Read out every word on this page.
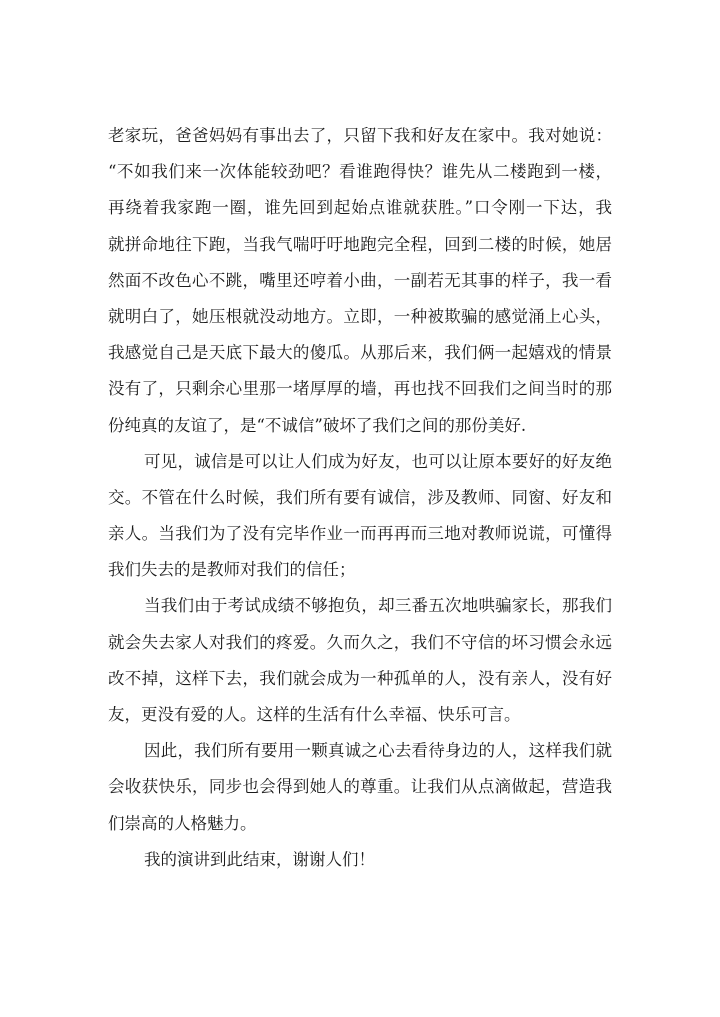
老家玩，爸爸妈妈有事出去了，只留下我和好友在家中。我对她说：
“不如我们来一次体能较劲吧？看谁跑得快？谁先从二楼跑到一楼，
再绕着我家跑一圈，谁先回到起始点谁就获胜。”口令刚一下达，我
就拼命地往下跑，当我气喘吁吁地跑完全程，回到二楼的时候，她居
然面不改色心不跳，嘴里还哼着小曲，一副若无其事的样子，我一看
就明白了，她压根就没动地方。立即，一种被欺骗的感觉涌上心头，
我感觉自己是天底下最大的傻瓜。从那后来，我们俩一起嬉戏的情景
没有了，只剩余心里那一堵厚厚的墙，再也找不回我们之间当时的那
份纯真的友谊了，是“不诚信”破坏了我们之间的那份美好.
可见，诚信是可以让人们成为好友，也可以让原本要好的好友绝
交。不管在什么时候，我们所有要有诚信，涉及教师、同窗、好友和
亲人。当我们为了没有完毕作业一而再再而三地对教师说谎，可懂得
我们失去的是教师对我们的信任；
当我们由于考试成绩不够抱负，却三番五次地哄骗家长，那我们
就会失去家人对我们的疼爱。久而久之，我们不守信的坏习惯会永远
改不掉，这样下去，我们就会成为一种孤单的人，没有亲人，没有好
友，更没有爱的人。这样的生活有什么幸福、快乐可言。
因此，我们所有要用一颗真诚之心去看待身边的人，这样我们就
会收获快乐，同步也会得到她人的尊重。让我们从点滴做起，营造我
们崇高的人格魅力。
我的演讲到此结束，谢谢人们！
